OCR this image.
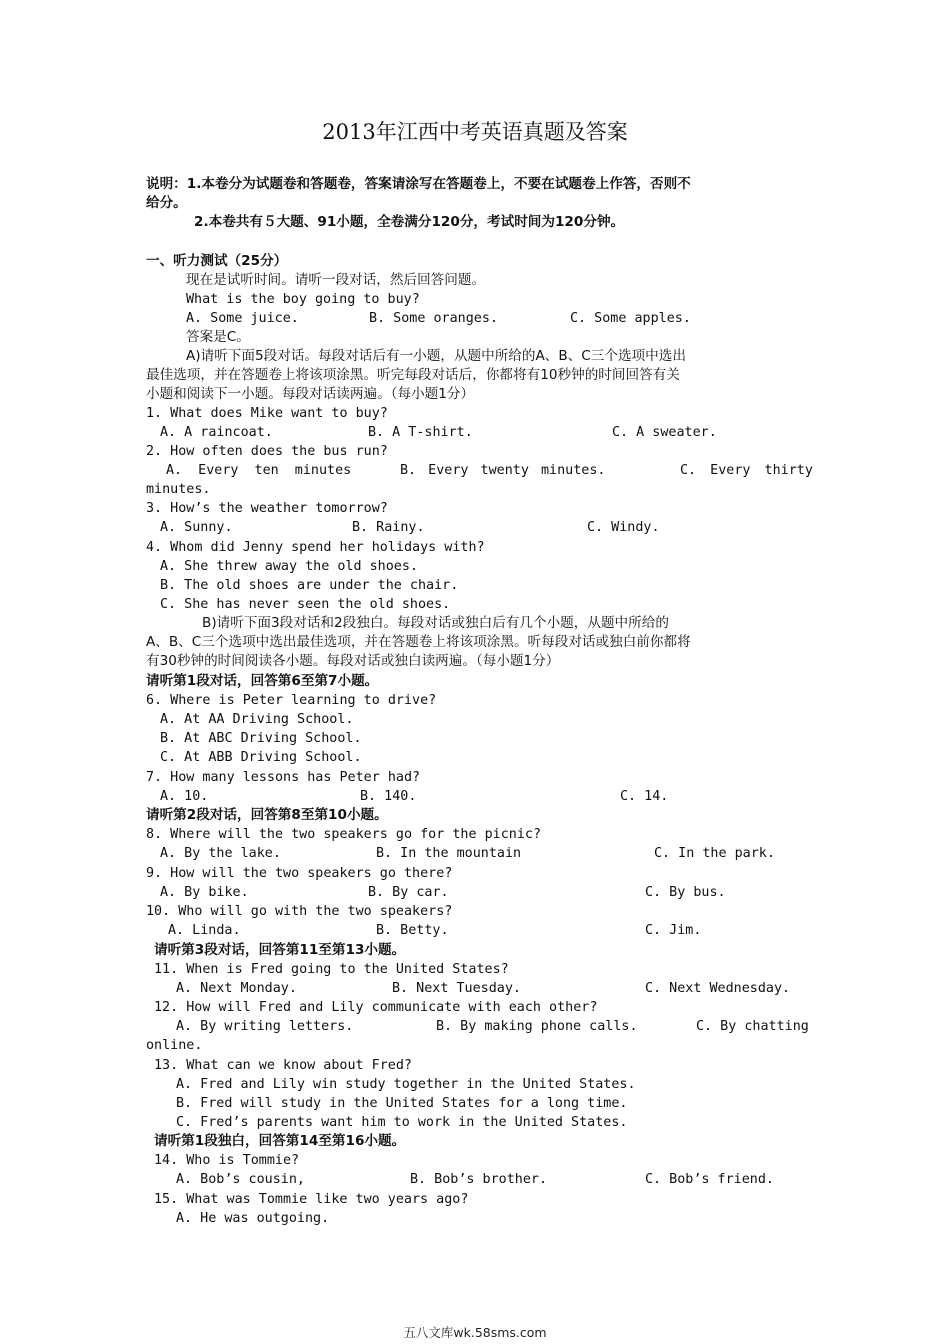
2013年江西中考英语真题及答案
说明：1.本卷分为试题卷和答题卷，答案请涂写在答题卷上，不要在试题卷上作答，否则不
给分。
2.本卷共有５大题、91小题，全卷满分120分，考试时间为120分钟。
一、听力测试（25分）
现在是试听时间。请听一段对话，然后回答问题。
What is the boy going to buy?
A. Some juice.	B. Some oranges.	C. Some apples.
答案是C。
A)请听下面5段对话。每段对话后有一小题，从题中所给的A、B、C三个选项中选出
最佳选项，并在答题卷上将该项涂黑。听完每段对话后，你都将有10秒钟的时间回答有关
小题和阅读下一小题。每段对话读两遍。（每小题1分）
1. What does Mike want to buy?
A. A raincoat.	B. A T-shirt.	C. A sweater.
2. How often does the bus run?
A. Every ten minutes	B. Every twenty minutes.	C. Every thirty
minutes.
3. How’s the weather tomorrow?
A. Sunny.	B. Rainy.	C. Windy.
4. Whom did Jenny spend her holidays with?
A. She threw away the old shoes.
B. The old shoes are under the chair.
C. She has never seen the old shoes.
B)请听下面3段对话和2段独白。每段对话或独白后有几个小题，从题中所给的
A、B、C三个选项中选出最佳选项，并在答题卷上将该项涂黑。听每段对话或独白前你都将
有30秒钟的时间阅读各小题。每段对话或独白读两遍。（每小题1分）
请听第1段对话，回答第6至第7小题。
6. Where is Peter learning to drive?
A. At AA Driving School.
B. At ABC Driving School.
C. At ABB Driving School.
7. How many lessons has Peter had?
A. 10.	B. 140.	C. 14.
请听第2段对话，回答第8至第10小题。
8. Where will the two speakers go for the picnic?
A. By the lake.	B. In the mountain	C. In the park.
9. How will the two speakers go there?
A. By bike.	B. By car.	C. By bus.
10. Who will go with the two speakers?
A. Linda.	B. Betty.	C. Jim.
请听第3段对话，回答第11至第13小题。
11. When is Fred going to the United States?
A. Next Monday.	B. Next Tuesday.	C. Next Wednesday.
12. How will Fred and Lily communicate with each other?
A. By writing letters.	B. By making phone calls.	C. By chatting
online.
13. What can we know about Fred?
A. Fred and Lily win study together in the United States.
B. Fred will study in the United States for a long time.
C. Fred’s parents want him to work in the United States.
请听第1段独白，回答第14至第16小题。
14. Who is Tommie?
A. Bob’s cousin,	B. Bob’s brother.	C. Bob’s friend.
15. What was Tommie like two years ago?
A. He was outgoing.
五八文库wk.58sms.com
